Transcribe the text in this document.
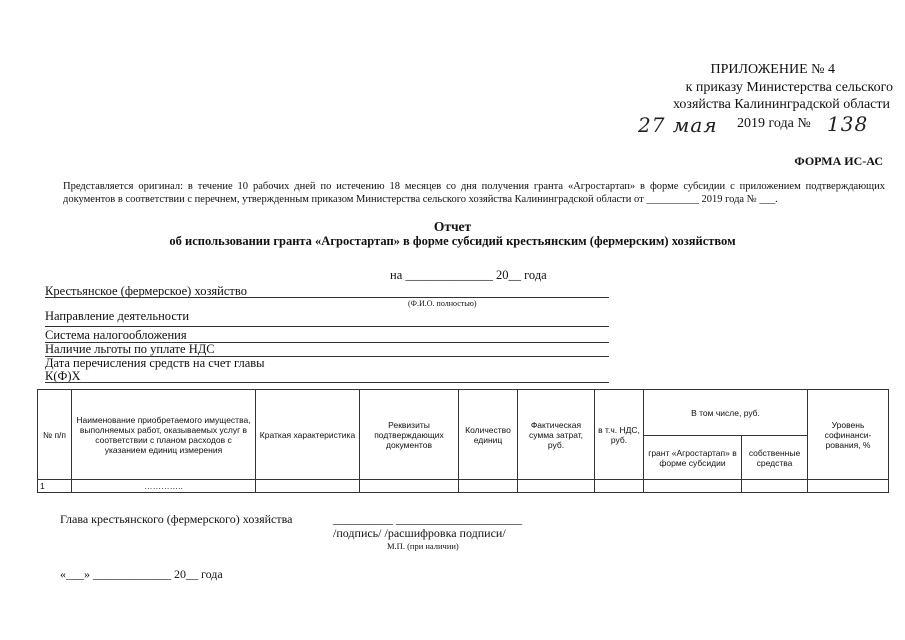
ПРИЛОЖЕНИЕ № 4
к приказу Министерства сельского
хозяйства Калининградской области
27 мая 2019 года № 138
ФОРМА ИС-АС
Представляется оригинал: в течение 10 рабочих дней по истечению 18 месяцев со дня получения гранта «Агростартап» в форме субсидии с приложением подтверждающих документов в соответствии с перечнем, утвержденным приказом Министерства сельского хозяйства Калининградской области от __________ 2019 года № ___.
Отчет
об использовании гранта «Агростартап» в форме субсидий крестьянским (фермерским) хозяйством
на ______________ 20__ года
Крестьянское (фермерское) хозяйство
(Ф.И.О. полностью)
Направление деятельности
Система налогообложения
Наличие льготы по уплате НДС
Дата перечисления средств на счет главы
К(Ф)Х
№ п/п	Наименование приобретаемого имущества, выполняемых работ, оказываемых услуг в соответствии с планом расходов с указанием единиц измерения	Краткая характеристика	Реквизиты подтверждающих документов	Количество единиц	Фактическая сумма затрат, руб.	в т.ч. НДС, руб.	В том числе, руб.		Уровень софинанси-рования, %
							грант «Агростартап» в форме субсидии	собственные средства	
1	…………..								
Глава крестьянского (фермерского) хозяйства	__________ _____________________
/подпись/ /расшифровка подписи/
М.П. (при наличии)
«___» _____________ 20__ года
